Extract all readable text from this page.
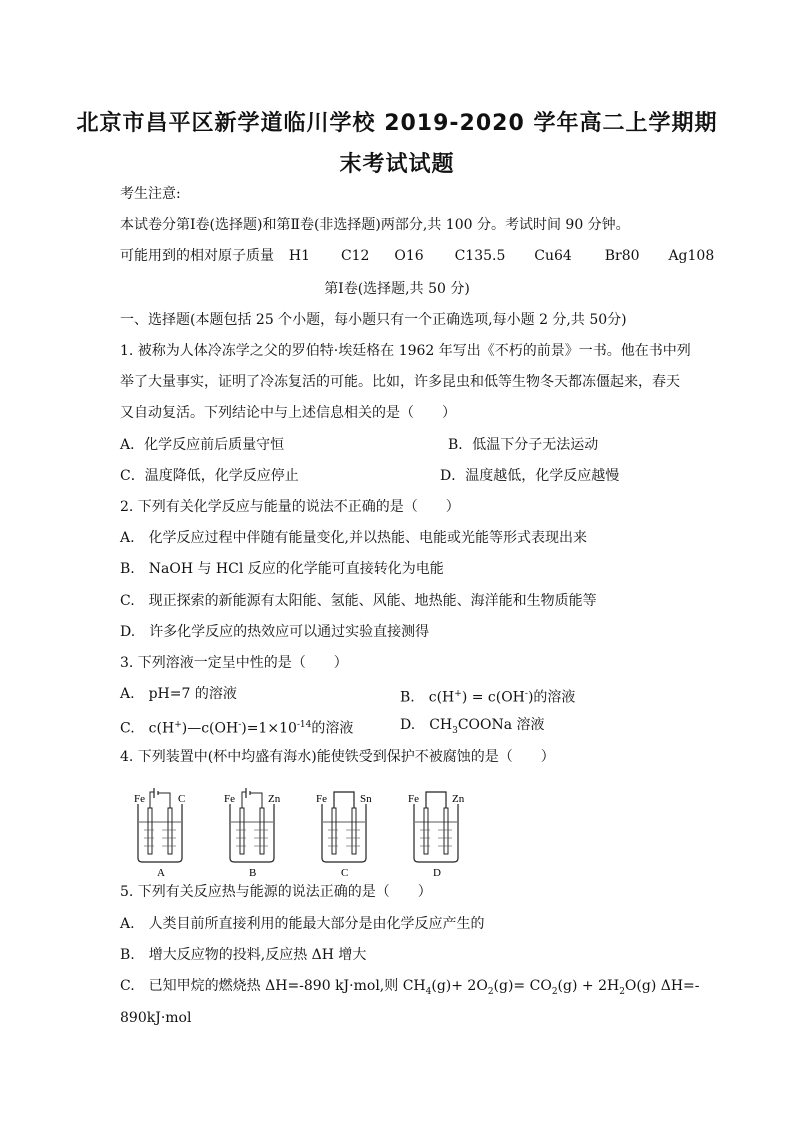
北京市昌平区新学道临川学校 2019-2020 学年高二上学期期
末考试试题
考生注意:
本试卷分第Ⅰ卷(选择题)和第Ⅱ卷(非选择题)两部分,共 100 分。考试时间 90 分钟。
可能用到的相对原子质量 H1 C12 O16 C135.5 Cu64 Br80 Ag108
第Ⅰ卷(选择题,共 50 分)
一、选择题(本题包括 25 个小题，每小题只有一个正确选项,每小题 2 分,共 50分)
1. 被称为人体冷冻学之父的罗伯特·埃廷格在 1962 年写出《不朽的前景》一书。他在书中列
举了大量事实，证明了冷冻复活的可能。比如，许多昆虫和低等生物冬天都冻僵起来，春天
又自动复活。下列结论中与上述信息相关的是（　　）
A．化学反应前后质量守恒	B．低温下分子无法运动
C．温度降低，化学反应停止	D．温度越低，化学反应越慢
2. 下列有关化学反应与能量的说法不正确的是（　　）
A. 化学反应过程中伴随有能量变化,并以热能、电能或光能等形式表现出来
B. NaOH 与 HCl 反应的化学能可直接转化为电能
C. 现正探索的新能源有太阳能、氢能、风能、地热能、海洋能和生物质能等
D. 许多化学反应的热效应可以通过实验直接测得
3. 下列溶液一定呈中性的是（　　）
A. pH=7 的溶液	B. c(H+) = c(OH-)的溶液
C. $c(H^+)—c(OH^-)=1\times 10^{-14}$的溶液	D. $CH_3COONa$ 溶液
4. 下列装置中(杯中均盛有海水)能使铁受到保护不被腐蚀的是（　　）
Fe	C
A
Fe	Zn
B
Fe	Sn
C
Fe	Zn
D
5. 下列有关反应热与能源的说法正确的是（　　）
A. 人类目前所直接利用的能最大部分是由化学反应产生的
B. 增大反应物的投料,反应热 ΔH 增大
C. 已知甲烷的燃烧热 ΔH=-890 kJ·mol,则 $CH_4(g)+ 2O_2(g)= CO_2(g) + 2H_2O(g)$ ΔH=-
890kJ·mol
